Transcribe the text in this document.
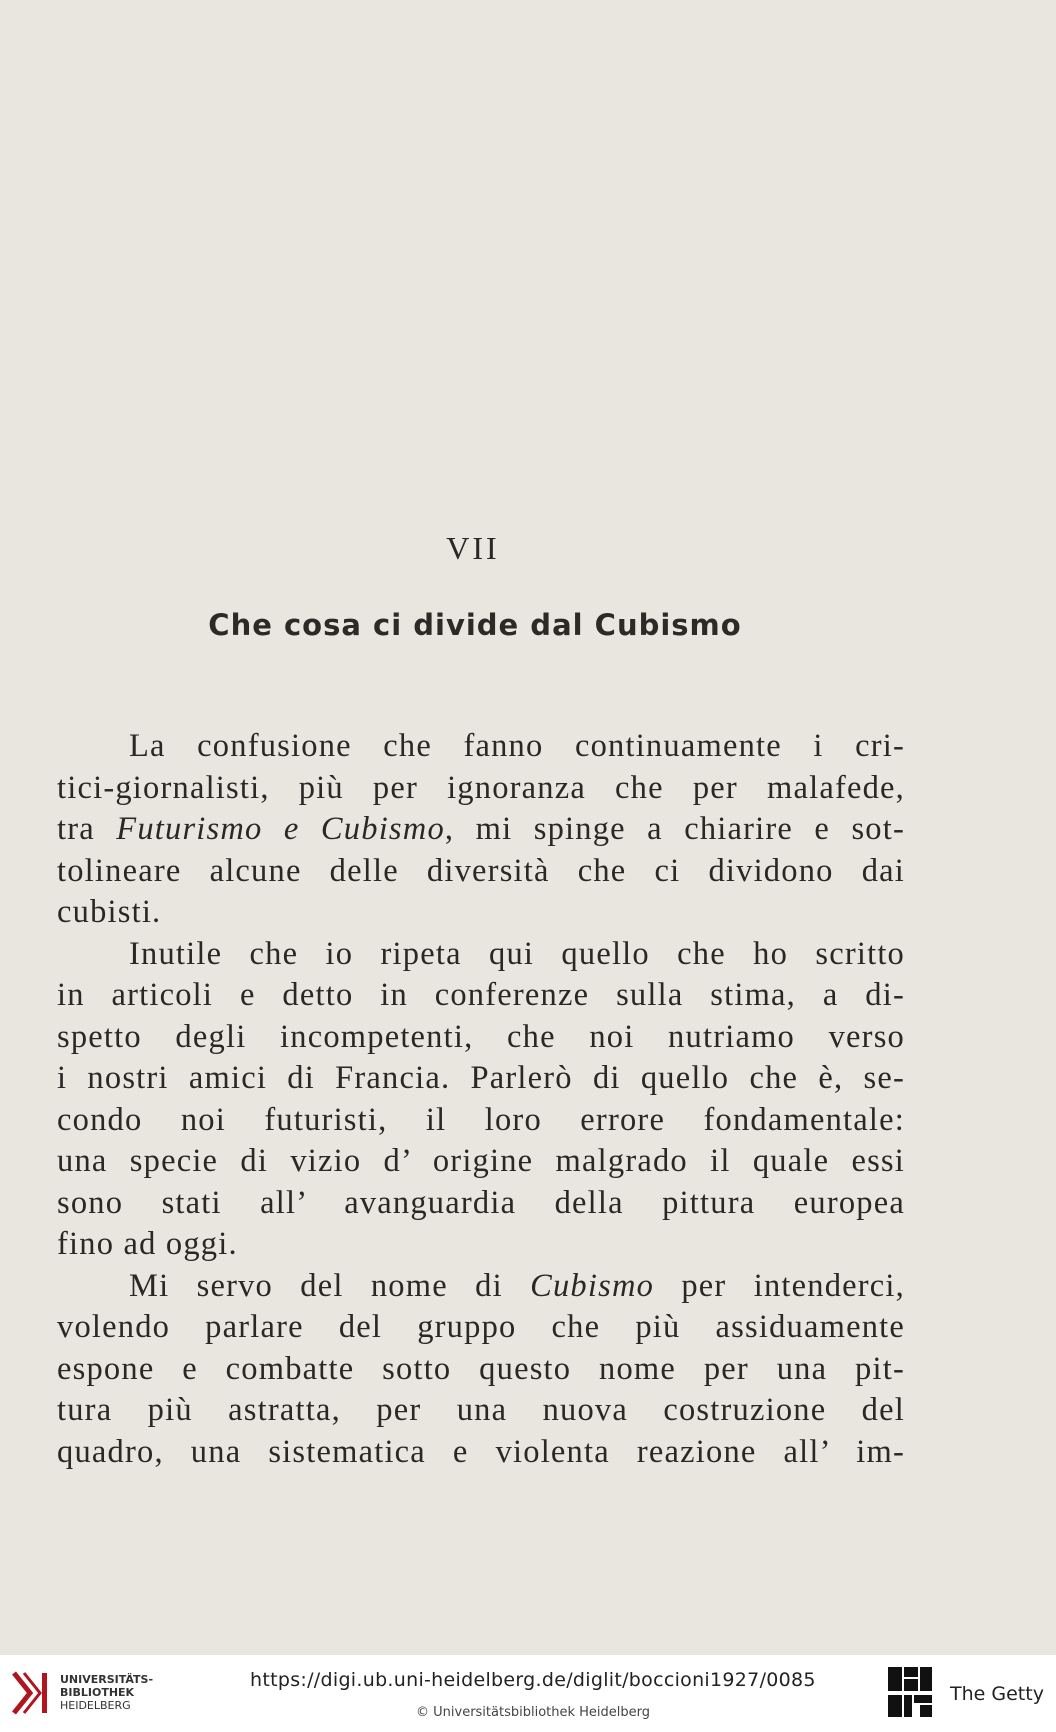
VII
Che cosa ci divide dal Cubismo
La confusione che fanno continuamente i cri-
tici-giornalisti, più per ignoranza che per malafede,
tra Futurismo e Cubismo, mi spinge a chiarire e sot-
tolineare alcune delle diversità che ci dividono dai
cubisti.
Inutile che io ripeta qui quello che ho scritto
in articoli e detto in conferenze sulla stima, a di-
spetto degli incompetenti, che noi nutriamo verso
i nostri amici di Francia. Parlerò di quello che è, se-
condo noi futuristi, il loro errore fondamentale:
una specie di vizio d’ origine malgrado il quale essi
sono stati all’ avanguardia della pittura europea
fino ad oggi.
Mi servo del nome di Cubismo per intenderci,
volendo parlare del gruppo che più assiduamente
espone e combatte sotto questo nome per una pit-
tura più astratta, per una nuova costruzione del
quadro, una sistematica e violenta reazione all’ im-
UNIVERSITÄTS-
BIBLIOTHEK
HEIDELBERG
https://digi.ub.uni-heidelberg.de/diglit/boccioni1927/0085
© Universitätsbibliothek Heidelberg
The Getty
